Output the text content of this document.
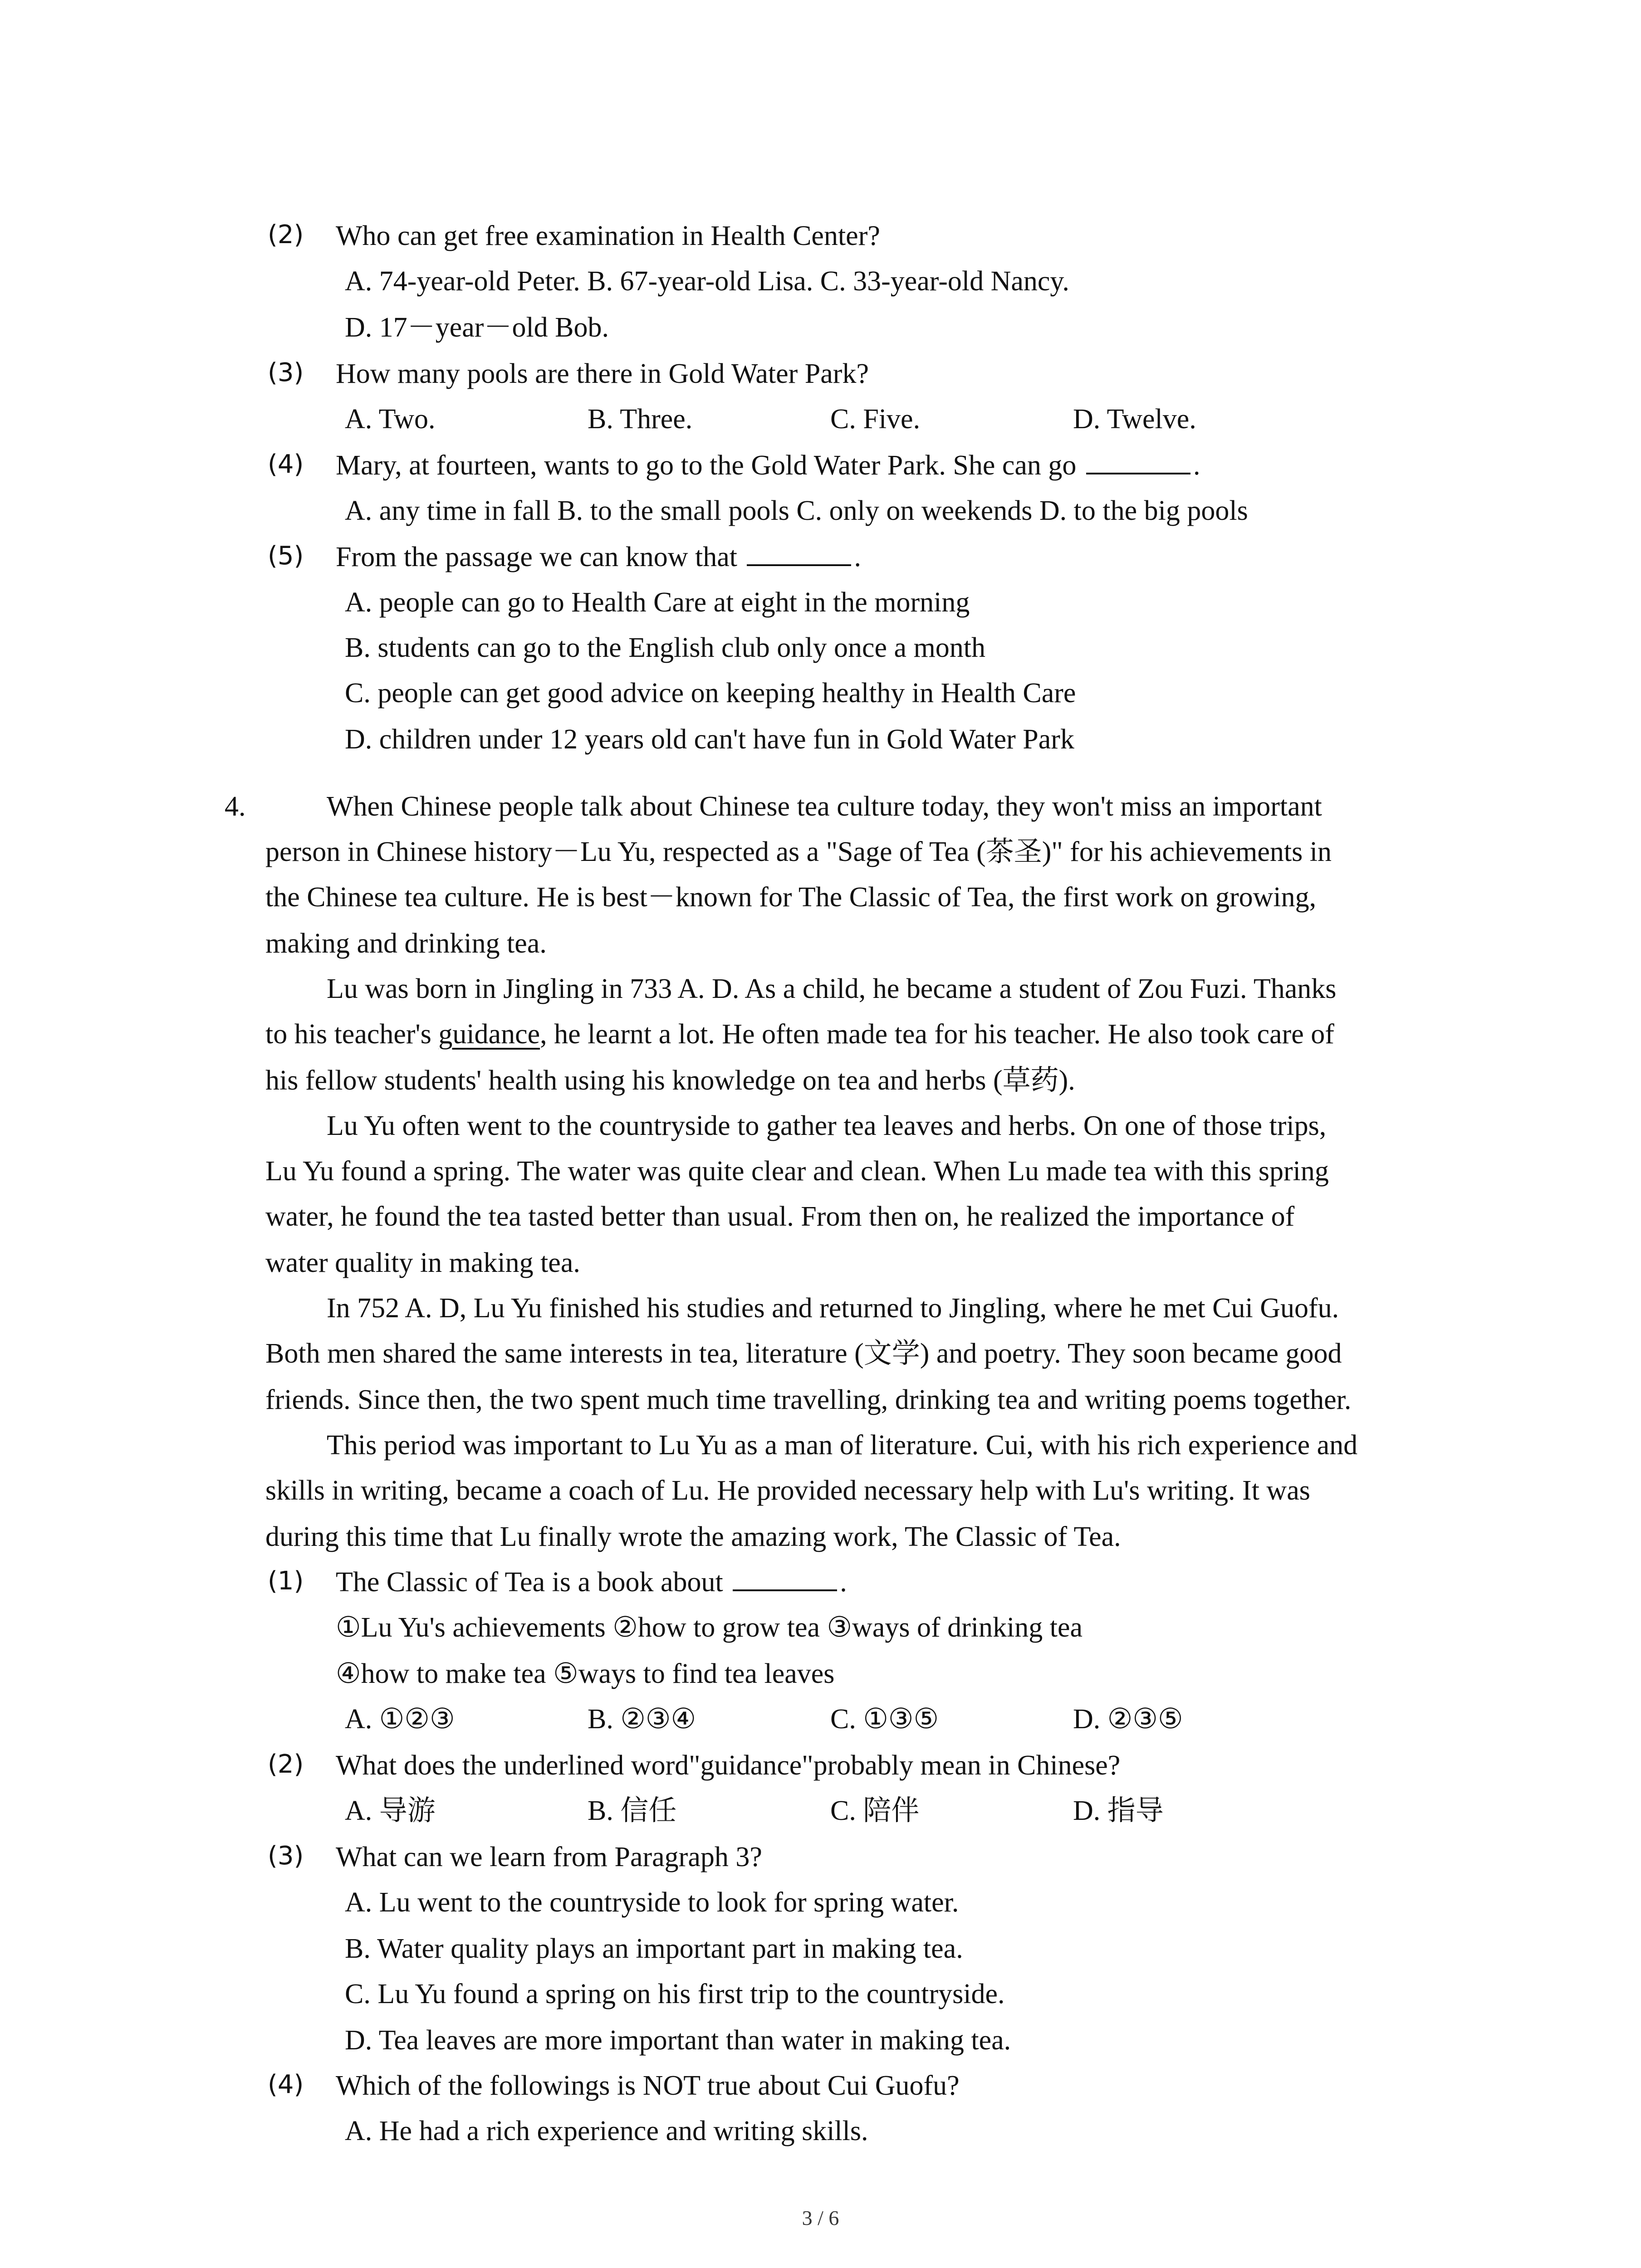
(2) Who can get free examination in Health Center?
A. 74-year-old Peter. B. 67-year-old Lisa. C. 33-year-old Nancy.
D. 17－year－old Bob.
(3) How many pools are there in Gold Water Park?
A. Two.	B. Three.	C. Five.	D. Twelve.
(4) Mary, at fourteen, wants to go to the Gold Water Park. She can go	.
A. any time in fall B. to the small pools C. only on weekends D. to the big pools
(5) From the passage we can know that	.
A. people can go to Health Care at eight in the morning
B. students can go to the English club only once a month
C. people can get good advice on keeping healthy in Health Care
D. children under 12 years old can't have fun in Gold Water Park
4.	When Chinese people talk about Chinese tea culture today, they won't miss an important
person in Chinese history－Lu Yu, respected as a "Sage of Tea (茶圣)" for his achievements in
the Chinese tea culture. He is best－known for The Classic of Tea, the first work on growing,
making and drinking tea.
Lu was born in Jingling in 733 A. D. As a child, he became a student of Zou Fuzi. Thanks
to his teacher's guidance, he learnt a lot. He often made tea for his teacher. He also took care of
his fellow students' health using his knowledge on tea and herbs (草药).
Lu Yu often went to the countryside to gather tea leaves and herbs. On one of those trips,
Lu Yu found a spring. The water was quite clear and clean. When Lu made tea with this spring
water, he found the tea tasted better than usual. From then on, he realized the importance of
water quality in making tea.
In 752 A. D, Lu Yu finished his studies and returned to Jingling, where he met Cui Guofu.
Both men shared the same interests in tea, literature (文学) and poetry. They soon became good
friends. Since then, the two spent much time travelling, drinking tea and writing poems together.
This period was important to Lu Yu as a man of literature. Cui, with his rich experience and
skills in writing, became a coach of Lu. He provided necessary help with Lu's writing. It was
during this time that Lu finally wrote the amazing work, The Classic of Tea.
(1) The Classic of Tea is a book about	.
①Lu Yu's achievements ②how to grow tea ③ways of drinking tea
④how to make tea ⑤ways to find tea leaves
A. ①②③	B. ②③④	C. ①③⑤	D. ②③⑤
(2) What does the underlined word"guidance"probably mean in Chinese?
A. 导游	B. 信任	C. 陪伴	D. 指导
(3) What can we learn from Paragraph 3?
A. Lu went to the countryside to look for spring water.
B. Water quality plays an important part in making tea.
C. Lu Yu found a spring on his first trip to the countryside.
D. Tea leaves are more important than water in making tea.
(4) Which of the followings is NOT true about Cui Guofu?
A. He had a rich experience and writing skills.
3 / 6
